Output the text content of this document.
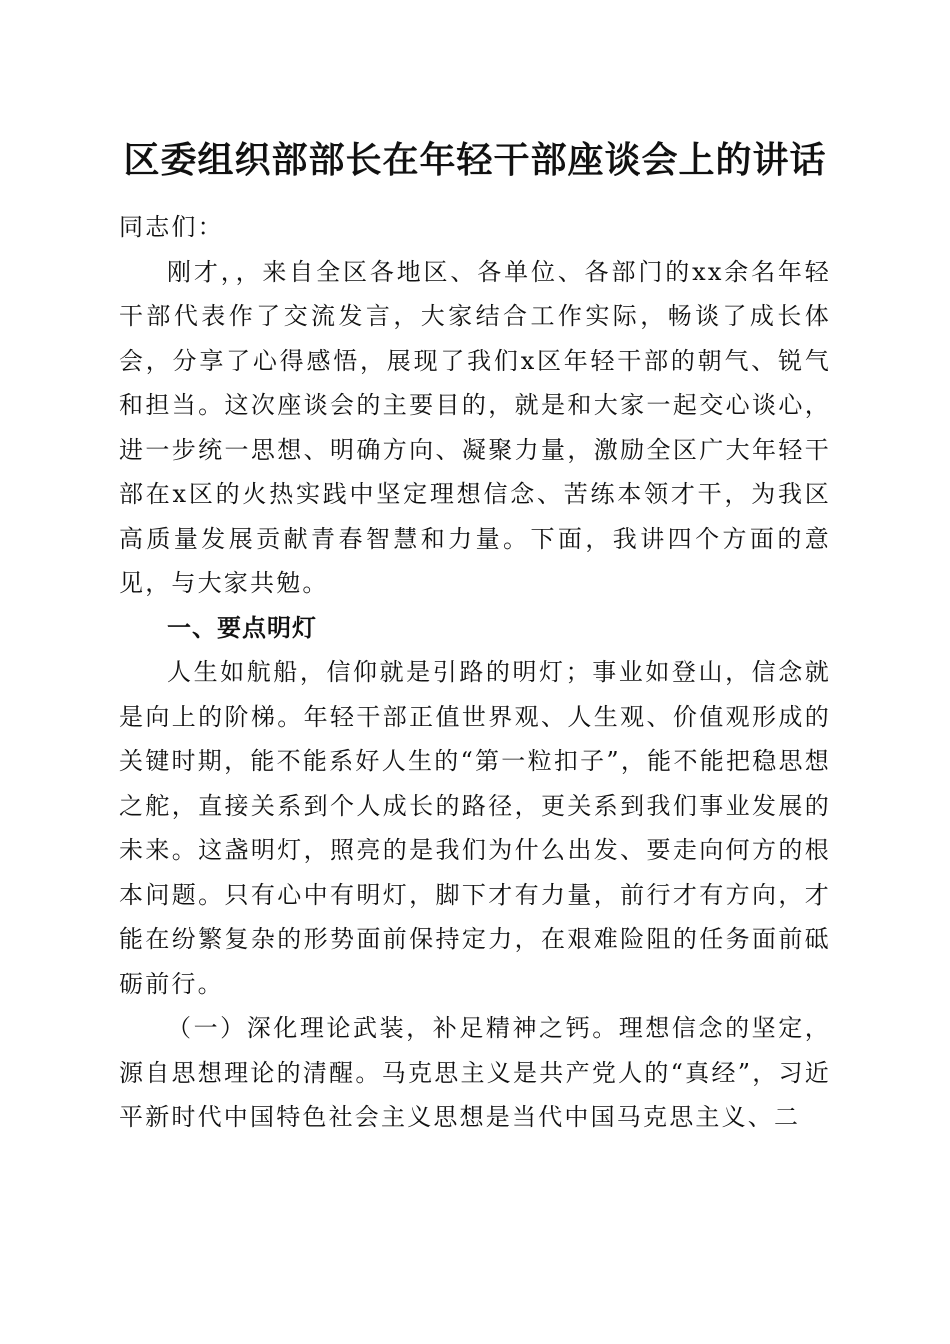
区委组织部部长在年轻干部座谈会上的讲话

同志们：

刚才，，来自全区各地区、各单位、各部门的xx余名年轻干部代表作了交流发言，大家结合工作实际，畅谈了成长体会，分享了心得感悟，展现了我们x区年轻干部的朝气、锐气和担当。这次座谈会的主要目的，就是和大家一起交心谈心，进一步统一思想、明确方向、凝聚力量，激励全区广大年轻干部在x区的火热实践中坚定理想信念、苦练本领才干，为我区高质量发展贡献青春智慧和力量。下面，我讲四个方面的意见，与大家共勉。

一、要点明灯

人生如航船，信仰就是引路的明灯；事业如登山，信念就是向上的阶梯。年轻干部正值世界观、人生观、价值观形成的关键时期，能不能系好人生的“第一粒扣子”，能不能把稳思想之舵，直接关系到个人成长的路径，更关系到我们事业发展的未来。这盏明灯，照亮的是我们为什么出发、要走向何方的根本问题。只有心中有明灯，脚下才有力量，前行才有方向，才能在纷繁复杂的形势面前保持定力，在艰难险阻的任务面前砥砺前行。

（一）深化理论武装，补足精神之钙。理想信念的坚定，源自思想理论的清醒。马克思主义是共产党人的“真经”，习近平新时代中国特色社会主义思想是当代中国马克思主义、二
